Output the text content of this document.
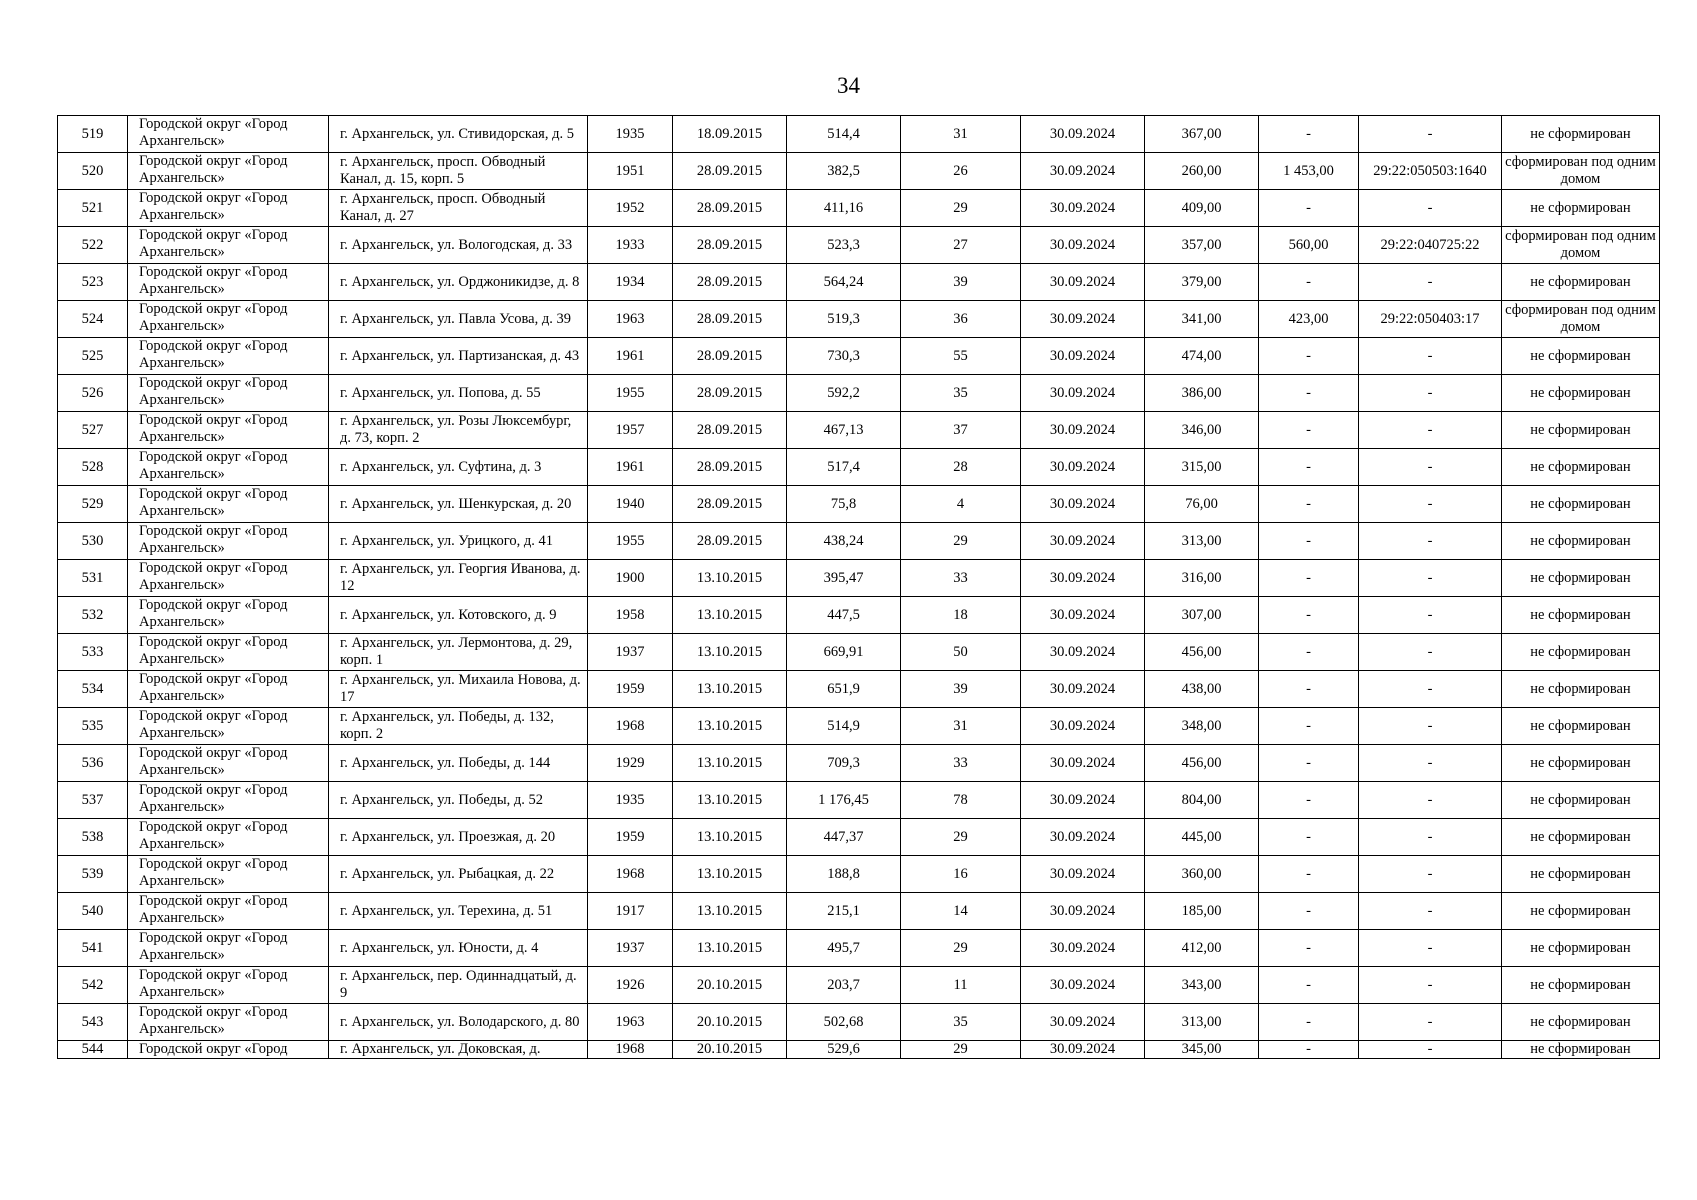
34
519	Городской округ «Город Архангельск»	г. Архангельск, ул. Стивидорская, д. 5	1935	18.09.2015	514,4	31	30.09.2024	367,00	-	-	не сформирован
520	Городской округ «Город Архангельск»	г. Архангельск, просп. Обводный Канал, д. 15, корп. 5	1951	28.09.2015	382,5	26	30.09.2024	260,00	1 453,00	29:22:050503:1640	сформирован под одним домом
521	Городской округ «Город Архангельск»	г. Архангельск, просп. Обводный Канал, д. 27	1952	28.09.2015	411,16	29	30.09.2024	409,00	-	-	не сформирован
522	Городской округ «Город Архангельск»	г. Архангельск, ул. Вологодская, д. 33	1933	28.09.2015	523,3	27	30.09.2024	357,00	560,00	29:22:040725:22	сформирован под одним домом
523	Городской округ «Город Архангельск»	г. Архангельск, ул. Орджоникидзе, д. 8	1934	28.09.2015	564,24	39	30.09.2024	379,00	-	-	не сформирован
524	Городской округ «Город Архангельск»	г. Архангельск, ул. Павла Усова, д. 39	1963	28.09.2015	519,3	36	30.09.2024	341,00	423,00	29:22:050403:17	сформирован под одним домом
525	Городской округ «Город Архангельск»	г. Архангельск, ул. Партизанская, д. 43	1961	28.09.2015	730,3	55	30.09.2024	474,00	-	-	не сформирован
526	Городской округ «Город Архангельск»	г. Архангельск, ул. Попова, д. 55	1955	28.09.2015	592,2	35	30.09.2024	386,00	-	-	не сформирован
527	Городской округ «Город Архангельск»	г. Архангельск, ул. Розы Люксембург, д. 73, корп. 2	1957	28.09.2015	467,13	37	30.09.2024	346,00	-	-	не сформирован
528	Городской округ «Город Архангельск»	г. Архангельск, ул. Суфтина, д. 3	1961	28.09.2015	517,4	28	30.09.2024	315,00	-	-	не сформирован
529	Городской округ «Город Архангельск»	г. Архангельск, ул. Шенкурская, д. 20	1940	28.09.2015	75,8	4	30.09.2024	76,00	-	-	не сформирован
530	Городской округ «Город Архангельск»	г. Архангельск, ул. Урицкого, д. 41	1955	28.09.2015	438,24	29	30.09.2024	313,00	-	-	не сформирован
531	Городской округ «Город Архангельск»	г. Архангельск, ул. Георгия Иванова, д. 12	1900	13.10.2015	395,47	33	30.09.2024	316,00	-	-	не сформирован
532	Городской округ «Город Архангельск»	г. Архангельск, ул. Котовского, д. 9	1958	13.10.2015	447,5	18	30.09.2024	307,00	-	-	не сформирован
533	Городской округ «Город Архангельск»	г. Архангельск, ул. Лермонтова, д. 29, корп. 1	1937	13.10.2015	669,91	50	30.09.2024	456,00	-	-	не сформирован
534	Городской округ «Город Архангельск»	г. Архангельск, ул. Михаила Новова, д. 17	1959	13.10.2015	651,9	39	30.09.2024	438,00	-	-	не сформирован
535	Городской округ «Город Архангельск»	г. Архангельск, ул. Победы, д. 132, корп. 2	1968	13.10.2015	514,9	31	30.09.2024	348,00	-	-	не сформирован
536	Городской округ «Город Архангельск»	г. Архангельск, ул. Победы, д. 144	1929	13.10.2015	709,3	33	30.09.2024	456,00	-	-	не сформирован
537	Городской округ «Город Архангельск»	г. Архангельск, ул. Победы, д. 52	1935	13.10.2015	1 176,45	78	30.09.2024	804,00	-	-	не сформирован
538	Городской округ «Город Архангельск»	г. Архангельск, ул. Проезжая, д. 20	1959	13.10.2015	447,37	29	30.09.2024	445,00	-	-	не сформирован
539	Городской округ «Город Архангельск»	г. Архангельск, ул. Рыбацкая, д. 22	1968	13.10.2015	188,8	16	30.09.2024	360,00	-	-	не сформирован
540	Городской округ «Город Архангельск»	г. Архангельск, ул. Терехина, д. 51	1917	13.10.2015	215,1	14	30.09.2024	185,00	-	-	не сформирован
541	Городской округ «Город Архангельск»	г. Архангельск, ул. Юности, д. 4	1937	13.10.2015	495,7	29	30.09.2024	412,00	-	-	не сформирован
542	Городской округ «Город Архангельск»	г. Архангельск, пер. Одиннадцатый, д. 9	1926	20.10.2015	203,7	11	30.09.2024	343,00	-	-	не сформирован
543	Городской округ «Город Архангельск»	г. Архангельск, ул. Володарского, д. 80	1963	20.10.2015	502,68	35	30.09.2024	313,00	-	-	не сформирован
544	Городской округ «Город	г. Архангельск, ул. Доковская, д.	1968	20.10.2015	529,6	29	30.09.2024	345,00	-	-	не сформирован
